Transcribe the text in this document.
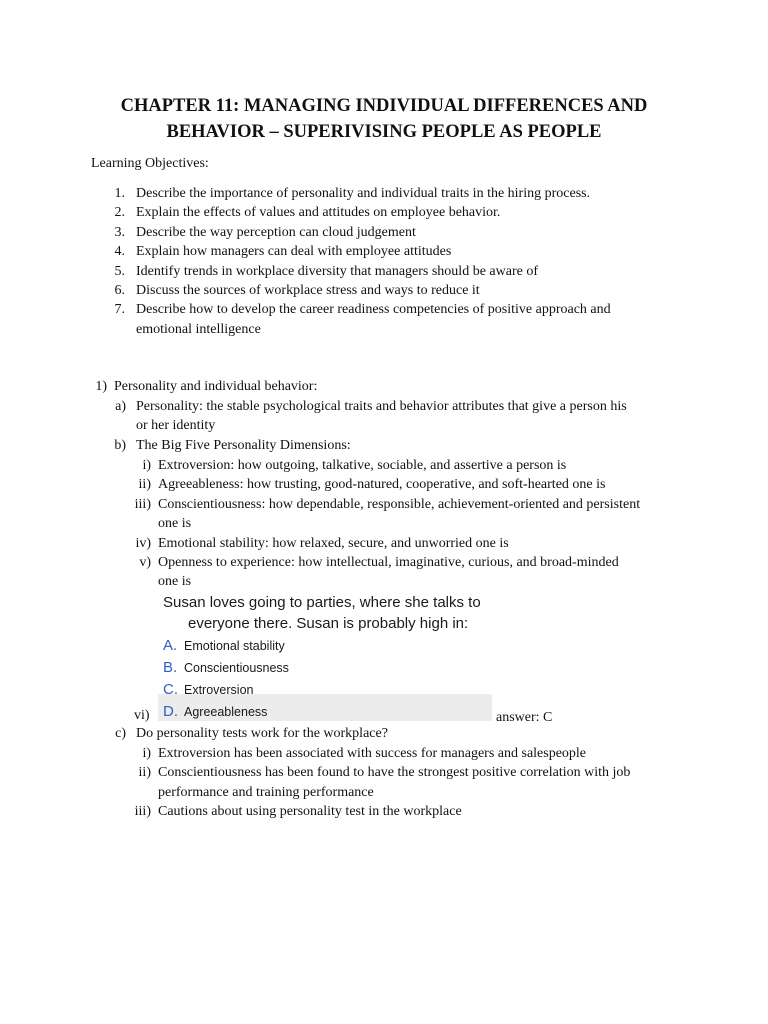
CHAPTER 11: MANAGING INDIVIDUAL DIFFERENCES AND
BEHAVIOR – SUPERIVISING PEOPLE AS PEOPLE
Learning Objectives:
1. Describe the importance of personality and individual traits in the hiring process.
2. Explain the effects of values and attitudes on employee behavior.
3. Describe the way perception can cloud judgement
4. Explain how managers can deal with employee attitudes
5. Identify trends in workplace diversity that managers should be aware of
6. Discuss the sources of workplace stress and ways to reduce it
7. Describe how to develop the career readiness competencies of positive approach and
emotional intelligence
1) Personality and individual behavior:
a) Personality: the stable psychological traits and behavior attributes that give a person his
or her identity
b) The Big Five Personality Dimensions:
i) Extroversion: how outgoing, talkative, sociable, and assertive a person is
ii) Agreeableness: how trusting, good-natured, cooperative, and soft-hearted one is
iii) Conscientiousness: how dependable, responsible, achievement-oriented and persistent
one is
iv) Emotional stability: how relaxed, secure, and unworried one is
v) Openness to experience: how intellectual, imaginative, curious, and broad-minded
one is
c) Do personality tests work for the workplace?
i) Extroversion has been associated with success for managers and salespeople
ii) Conscientiousness has been found to have the strongest positive correlation with job
performance and training performance
iii) Cautions about using personality test in the workplace
Susan loves going to parties, where she talks to
everyone there. Susan is probably high in:
A. Emotional stability
B. Conscientiousness
C. Extroversion
D. Agreeableness
vi)	answer: C
